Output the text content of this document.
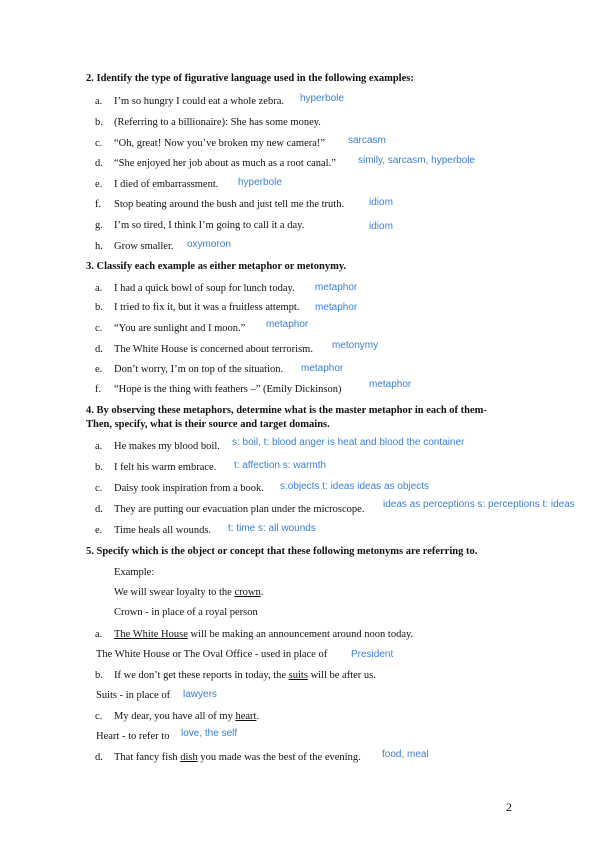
2. Identify the type of figurative language used in the following examples:
a. I’m so hungry I could eat a whole zebra. hyperbole
b. (Referring to a billionaire): She has some money.
c. “Oh, great! Now you’ve broken my new camera!” sarcasm
d. “She enjoyed her job about as much as a root canal.” simily, sarcasm, hyperbole
e. I died of embarrassment. hyperbole
f. Stop beating around the bush and just tell me the truth. idiom
g. I’m so tired, I think I’m going to call it a day.	idiom
h. Grow smaller. oxymoron
3. Classify each example as either metaphor or metonymy.
a. I had a quick bowl of soup for lunch today. metaphor
b. I tried to fix it, but it was a fruitless attempt. metaphor
c. “You are sunlight and I moon.” metaphor
d. The White House is concerned about terrorism. metonymy
e. Don’t worry, I’m on top of the situation. metaphor
f. “Hope is the thing with feathers –” (Emily Dickinson)	metaphor
4. By observing these metaphors, determine what is the master metaphor in each of them-
Then, specify, what is their source and target domains.
a. He makes my blood boil. s: boil, t: blood anger is heat and blood the container
b. I felt his warm embrace. t: affection s: warmth
c. Daisy took inspiration from a book. s:objects t: ideas ideas as objects
d. They are putting our evacuation plan under the microscope. ideas as perceptions s: perceptions t: ideas
e. Time heals all wounds. t: time s: all wounds
5. Specify which is the object or concept that these following metonyms are referring to.
Example:
We will swear loyalty to the crown.
Crown - in place of a royal person
a. The White House will be making an announcement around noon today.
The White House or The Oval Office - used in place of President
b. If we don’t get these reports in today, the suits will be after us.
Suits - in place of lawyers
c. My dear, you have all of my heart.
Heart - to refer to love, the self
d. That fancy fish dish you made was the best of the evening. food, meal
2
